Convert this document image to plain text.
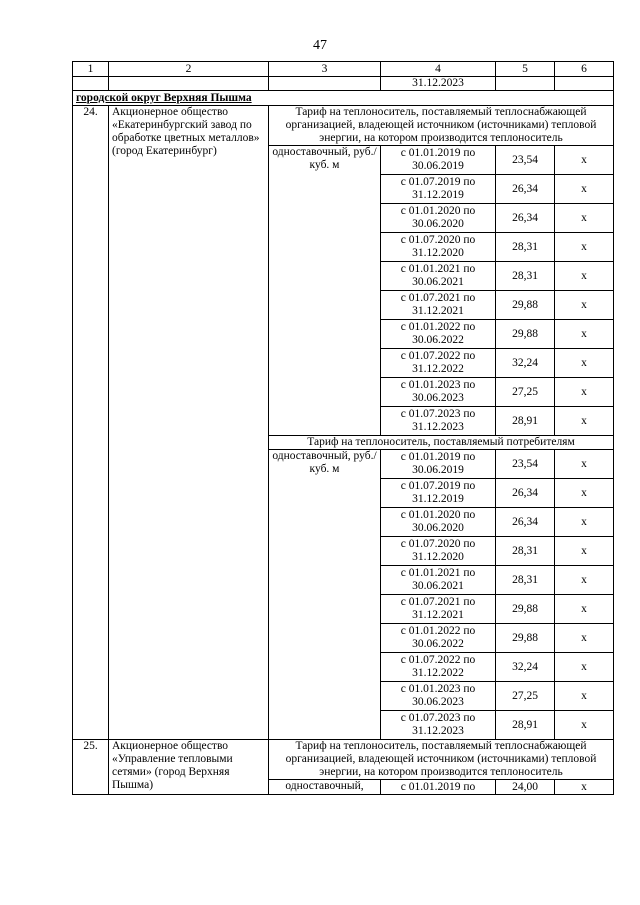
47
1	2	3	4	5	6
			31.12.2023		
городской округ Верхняя Пышма					
24.	Акционерное общество «Екатеринбургский завод по обработке цветных металлов» (город Екатеринбург)	Тариф на теплоноситель, поставляемый теплоснабжающей организацией, владеющей источником (источниками) тепловой энергии, на котором производится теплоноситель			
		одноставочный, руб./куб. м	с 01.01.2019 по 30.06.2019	23,54	х
			с 01.07.2019 по 31.12.2019	26,34	х
			с 01.01.2020 по 30.06.2020	26,34	х
			с 01.07.2020 по 31.12.2020	28,31	х
			с 01.01.2021 по 30.06.2021	28,31	х
			с 01.07.2021 по 31.12.2021	29,88	х
			с 01.01.2022 по 30.06.2022	29,88	х
			с 01.07.2022 по 31.12.2022	32,24	х
			с 01.01.2023 по 30.06.2023	27,25	х
			с 01.07.2023 по 31.12.2023	28,91	х
		Тариф на теплоноситель, поставляемый потребителям			
		одноставочный, руб./куб. м	с 01.01.2019 по 30.06.2019	23,54	х
			с 01.07.2019 по 31.12.2019	26,34	х
			с 01.01.2020 по 30.06.2020	26,34	х
			с 01.07.2020 по 31.12.2020	28,31	х
			с 01.01.2021 по 30.06.2021	28,31	х
			с 01.07.2021 по 31.12.2021	29,88	х
			с 01.01.2022 по 30.06.2022	29,88	х
			с 01.07.2022 по 31.12.2022	32,24	х
			с 01.01.2023 по 30.06.2023	27,25	х
			с 01.07.2023 по 31.12.2023	28,91	х
25.	Акционерное общество «Управление тепловыми сетями» (город Верхняя Пышма)	Тариф на теплоноситель, поставляемый теплоснабжающей организацией, владеющей источником (источниками) тепловой энергии, на котором производится теплоноситель			
		одноставочный,	с 01.01.2019 по	24,00	х
